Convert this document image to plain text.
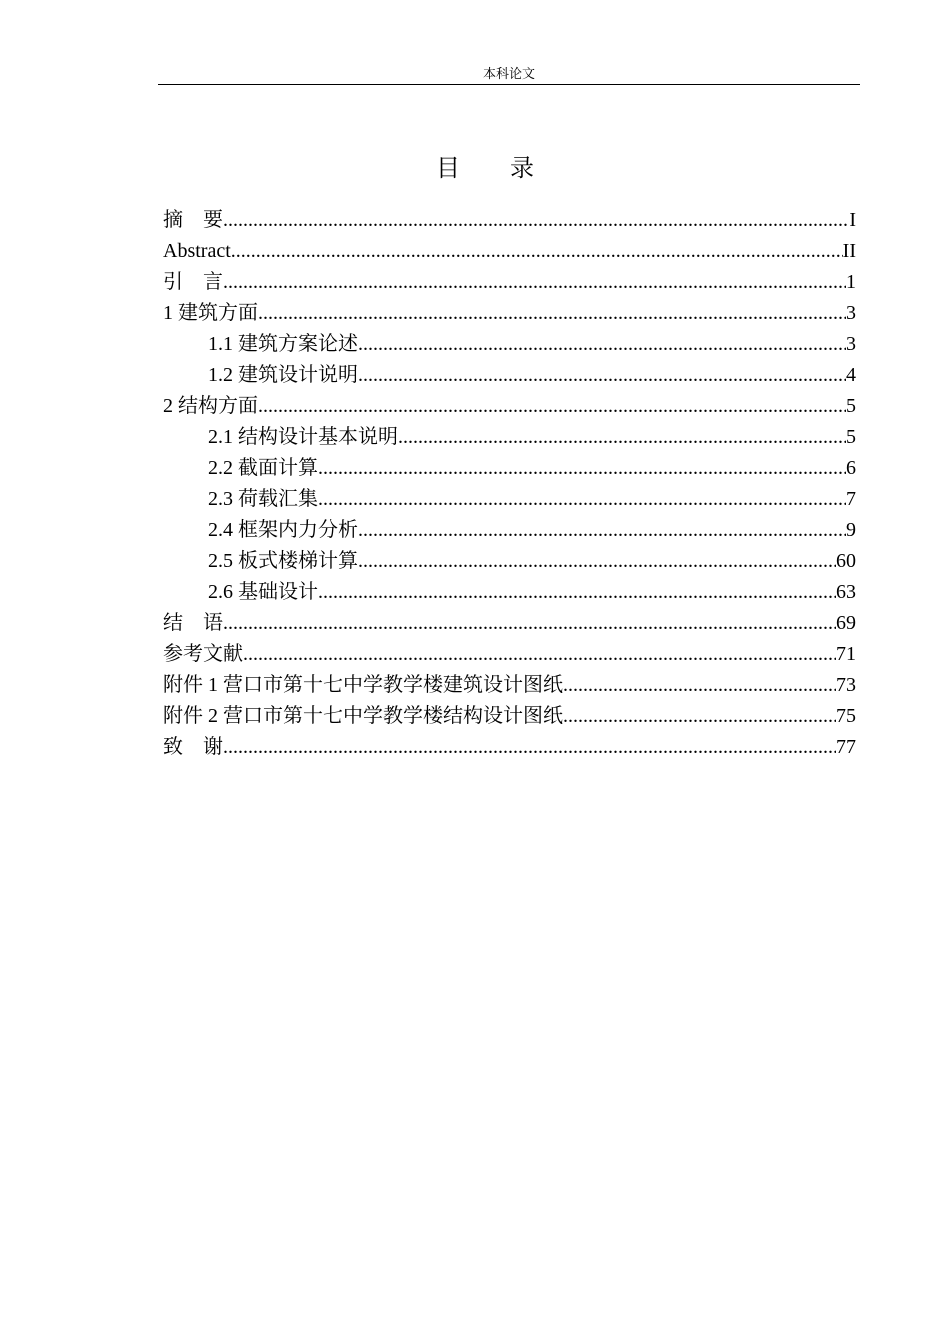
本科论文
目录
摘　要 .....	I
Abstract .....	II
引　言 .....	1
1 建筑方面 .....	3
1.1 建筑方案论述 .....	3
1.2 建筑设计说明 .....	4
2 结构方面 .....	5
2.1 结构设计基本说明 .....	5
2.2 截面计算 .....	6
2.3 荷载汇集 .....	7
2.4 框架内力分析 .....	9
2.5 板式楼梯计算 .....	60
2.6 基础设计 .....	63
结　语 .....	69
参考文献 .....	71
附件 1 营口市第十七中学教学楼建筑设计图纸 .....	73
附件 2 营口市第十七中学教学楼结构设计图纸 .....	75
致　谢 .....	77
